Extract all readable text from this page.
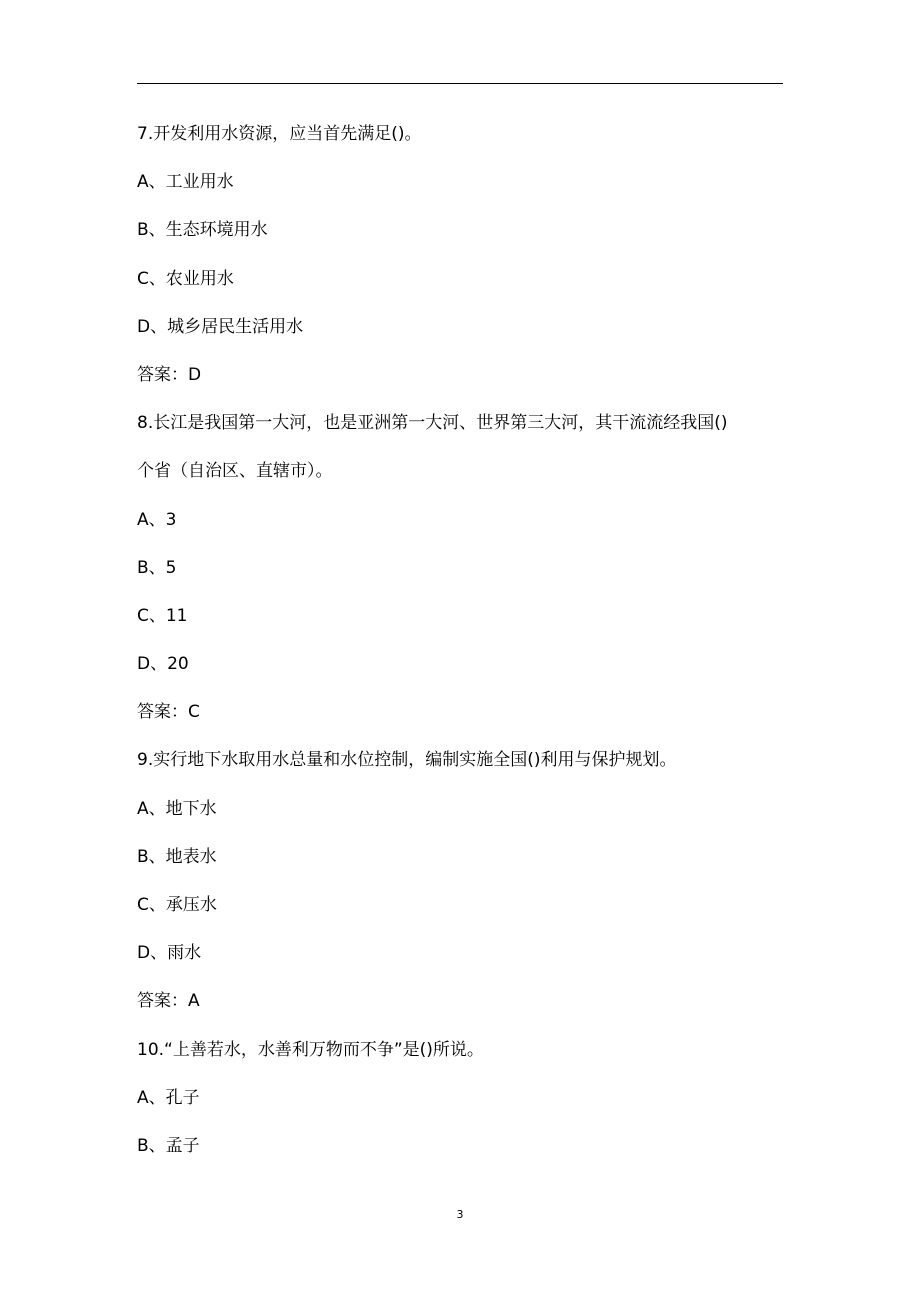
7.开发利用水资源，应当首先满足()。
A、工业用水
B、生态环境用水
C、农业用水
D、城乡居民生活用水
答案：D
8.长江是我国第一大河，也是亚洲第一大河、世界第三大河，其干流流经我国()
个省（自治区、直辖市）。
A、3
B、5
C、11
D、20
答案：C
9.实行地下水取用水总量和水位控制，编制实施全国()利用与保护规划。
A、地下水
B、地表水
C、承压水
D、雨水
答案：A
10.“上善若水，水善利万物而不争”是()所说。
A、孔子
B、孟子
3
